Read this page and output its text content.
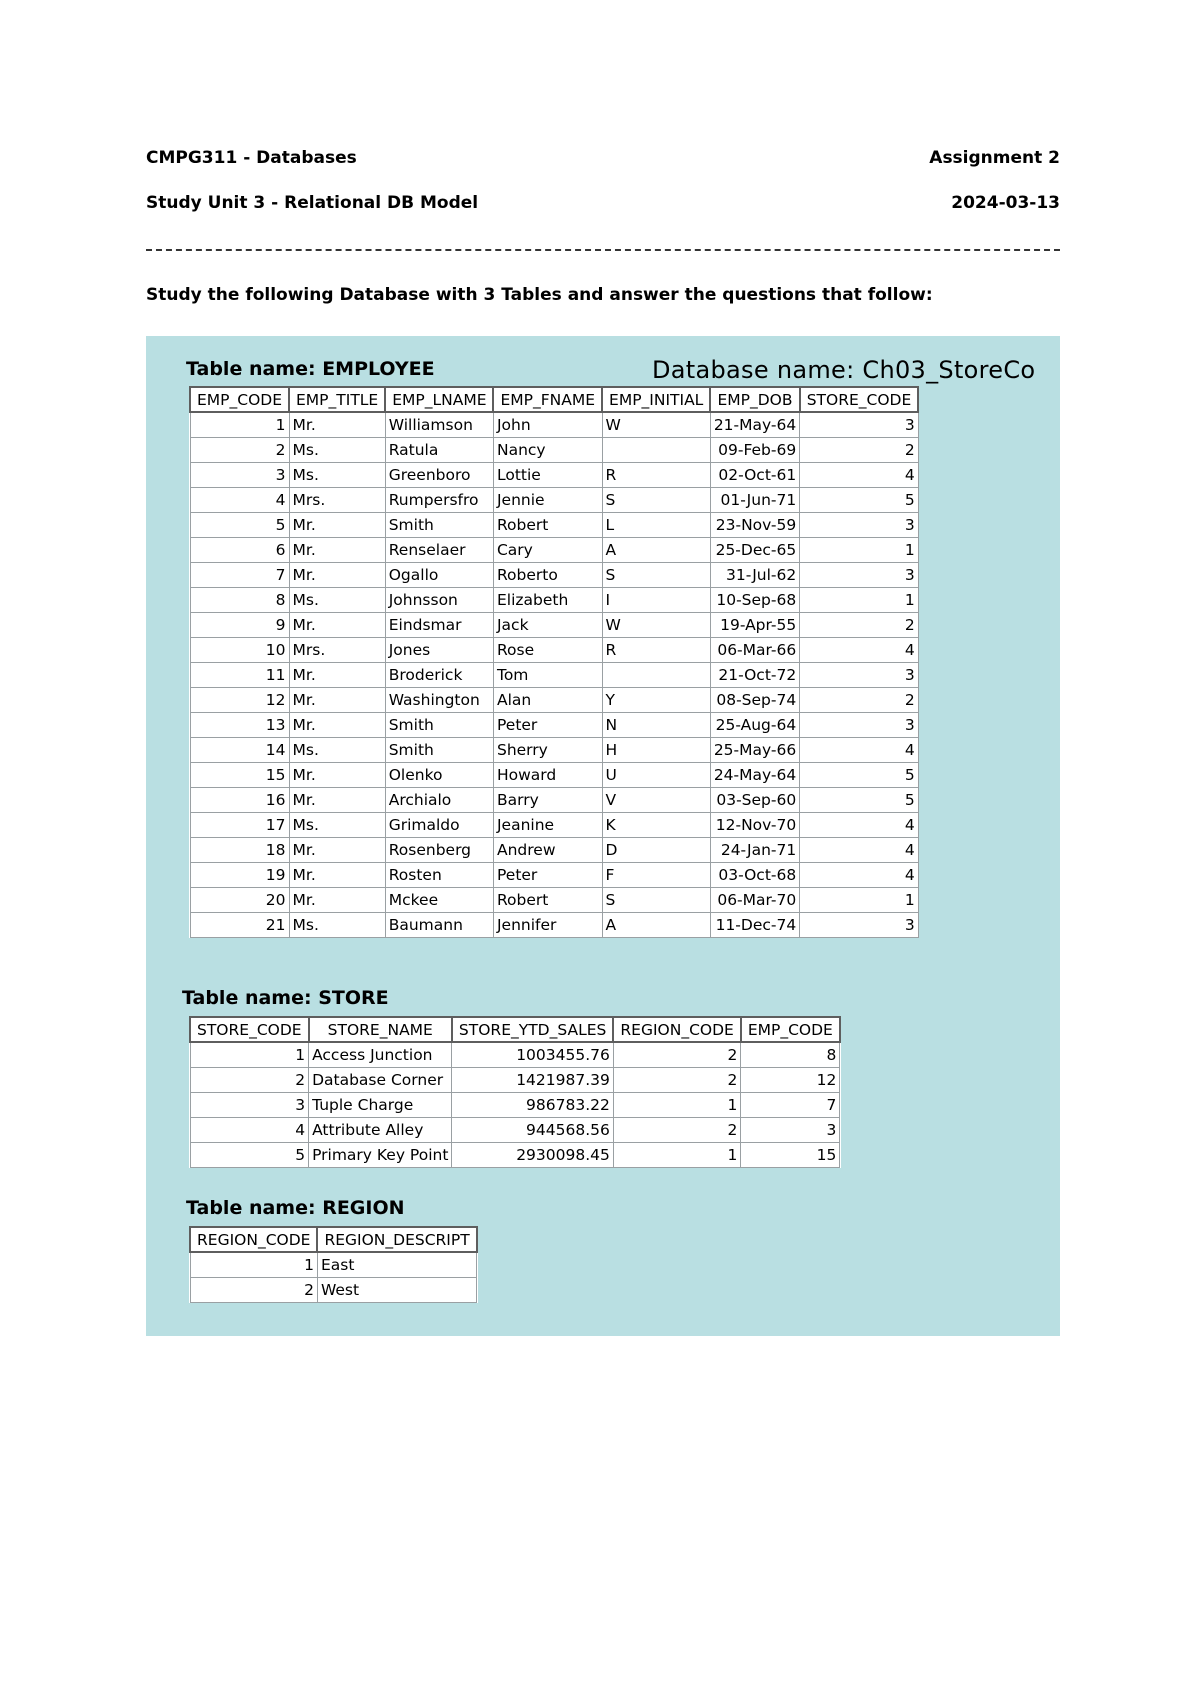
CMPG311 - Databases	Assignment 2
Study Unit 3 - Relational DB Model	2024-03-13
Study the following Database with 3 Tables and answer the questions that follow:
Table name: EMPLOYEE	Database name: Ch03_StoreCo
EMP_CODE	EMP_TITLE	EMP_LNAME	EMP_FNAME	EMP_INITIAL	EMP_DOB	STORE_CODE
1	Mr.	Williamson	John	W	21-May-64	3
2	Ms.	Ratula	Nancy		09-Feb-69	2
3	Ms.	Greenboro	Lottie	R	02-Oct-61	4
4	Mrs.	Rumpersfro	Jennie	S	01-Jun-71	5
5	Mr.	Smith	Robert	L	23-Nov-59	3
6	Mr.	Renselaer	Cary	A	25-Dec-65	1
7	Mr.	Ogallo	Roberto	S	31-Jul-62	3
8	Ms.	Johnsson	Elizabeth	I	10-Sep-68	1
9	Mr.	Eindsmar	Jack	W	19-Apr-55	2
10	Mrs.	Jones	Rose	R	06-Mar-66	4
11	Mr.	Broderick	Tom		21-Oct-72	3
12	Mr.	Washington	Alan	Y	08-Sep-74	2
13	Mr.	Smith	Peter	N	25-Aug-64	3
14	Ms.	Smith	Sherry	H	25-May-66	4
15	Mr.	Olenko	Howard	U	24-May-64	5
16	Mr.	Archialo	Barry	V	03-Sep-60	5
17	Ms.	Grimaldo	Jeanine	K	12-Nov-70	4
18	Mr.	Rosenberg	Andrew	D	24-Jan-71	4
19	Mr.	Rosten	Peter	F	03-Oct-68	4
20	Mr.	Mckee	Robert	S	06-Mar-70	1
21	Ms.	Baumann	Jennifer	A	11-Dec-74	3
Table name: STORE
STORE_CODE	STORE_NAME	STORE_YTD_SALES	REGION_CODE	EMP_CODE
1	Access Junction	1003455.76	2	8
2	Database Corner	1421987.39	2	12
3	Tuple Charge	986783.22	1	7
4	Attribute Alley	944568.56	2	3
5	Primary Key Point	2930098.45	1	15
Table name: REGION
REGION_CODE	REGION_DESCRIPT
1	East
2	West
